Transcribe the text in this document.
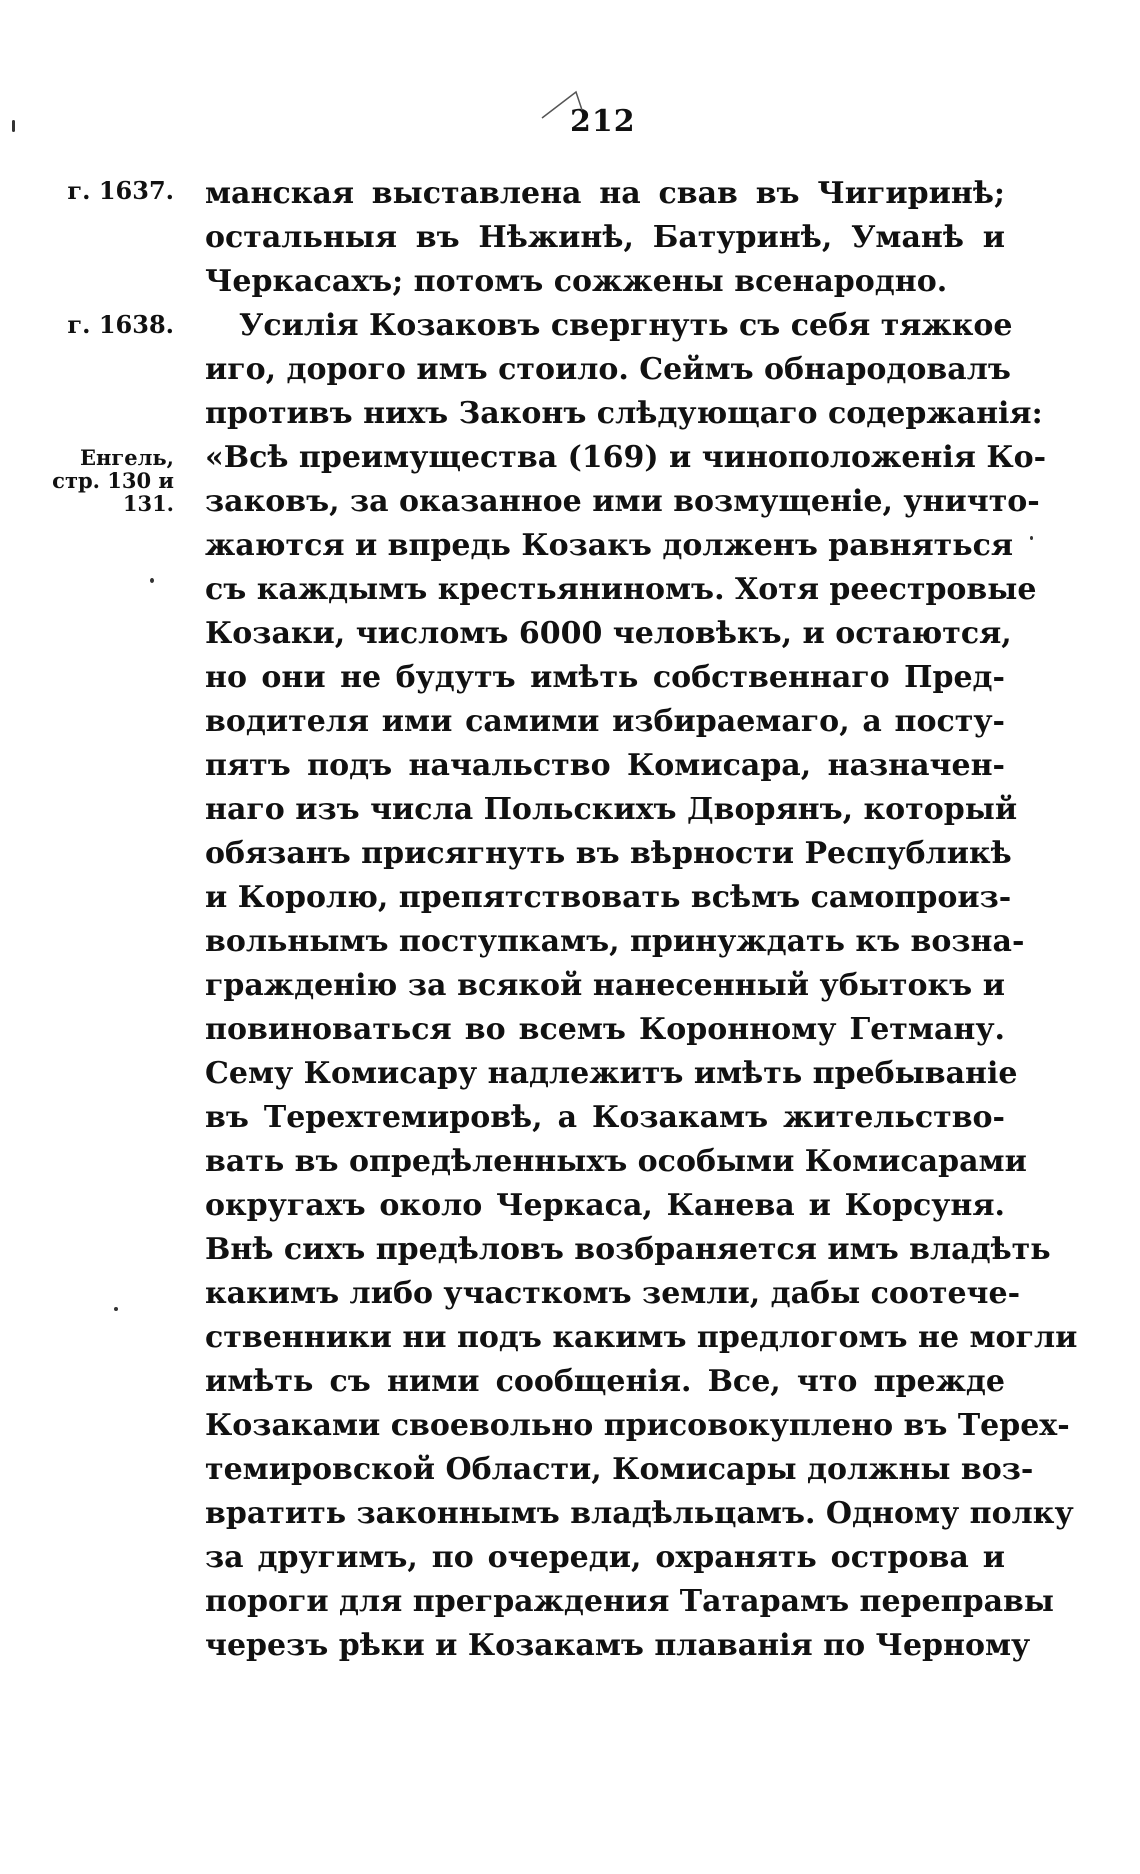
212
г. 1637.
г. 1638.
Енгель, стр. 130 и 131.
манская выставлена на свав въ Чигиринѣ;
остальныя въ Нѣжинѣ, Батуринѣ, Уманѣ и
Черкасахъ; потомъ сожжены всенародно.
Усилія Козаковъ свергнуть съ себя тяжкое
иго, дорого имъ стоило. Сеймъ обнародовалъ
противъ нихъ Законъ слѣдующаго содержанія:
«Всѣ преимущества (169) и чиноположенія Ко-
заковъ, за оказанное ими возмущеніе, уничто-
жаются и впредь Козакъ долженъ равняться
съ каждымъ крестьяниномъ. Хотя реестровые
Козаки, числомъ 6000 человѣкъ, и остаются,
но они не будутъ имѣть собственнаго Пред-
водителя ими самими избираемаго, а посту-
пятъ подъ начальство Комисара, назначен-
наго изъ числа Польскихъ Дворянъ, который
обязанъ присягнуть въ вѣрности Республикѣ
и Королю, препятствовать всѣмъ самопроиз-
вольнымъ поступкамъ, принуждать къ возна-
гражденію за всякой нанесенный убытокъ и
повиноваться во всемъ Коронному Гетману.
Сему Комисару надлежитъ имѣть пребываніе
въ Терехтемировѣ, а Козакамъ жительство-
вать въ опредѣленныхъ особыми Комисарами
округахъ около Черкаса, Канева и Корсуня.
Внѣ сихъ предѣловъ возбраняется имъ владѣть
какимъ либо участкомъ земли, дабы соотече-
ственники ни подъ какимъ предлогомъ не могли
имѣть съ ними сообщенія. Все, что прежде
Козаками своевольно присовокуплено въ Терех-
темировской Области, Комисары должны воз-
вратить законнымъ владѣльцамъ. Одному полку
за другимъ, по очереди, охранять острова и
пороги для преграждения Татарамъ переправы
черезъ рѣки и Козакамъ плаванія по Черному
